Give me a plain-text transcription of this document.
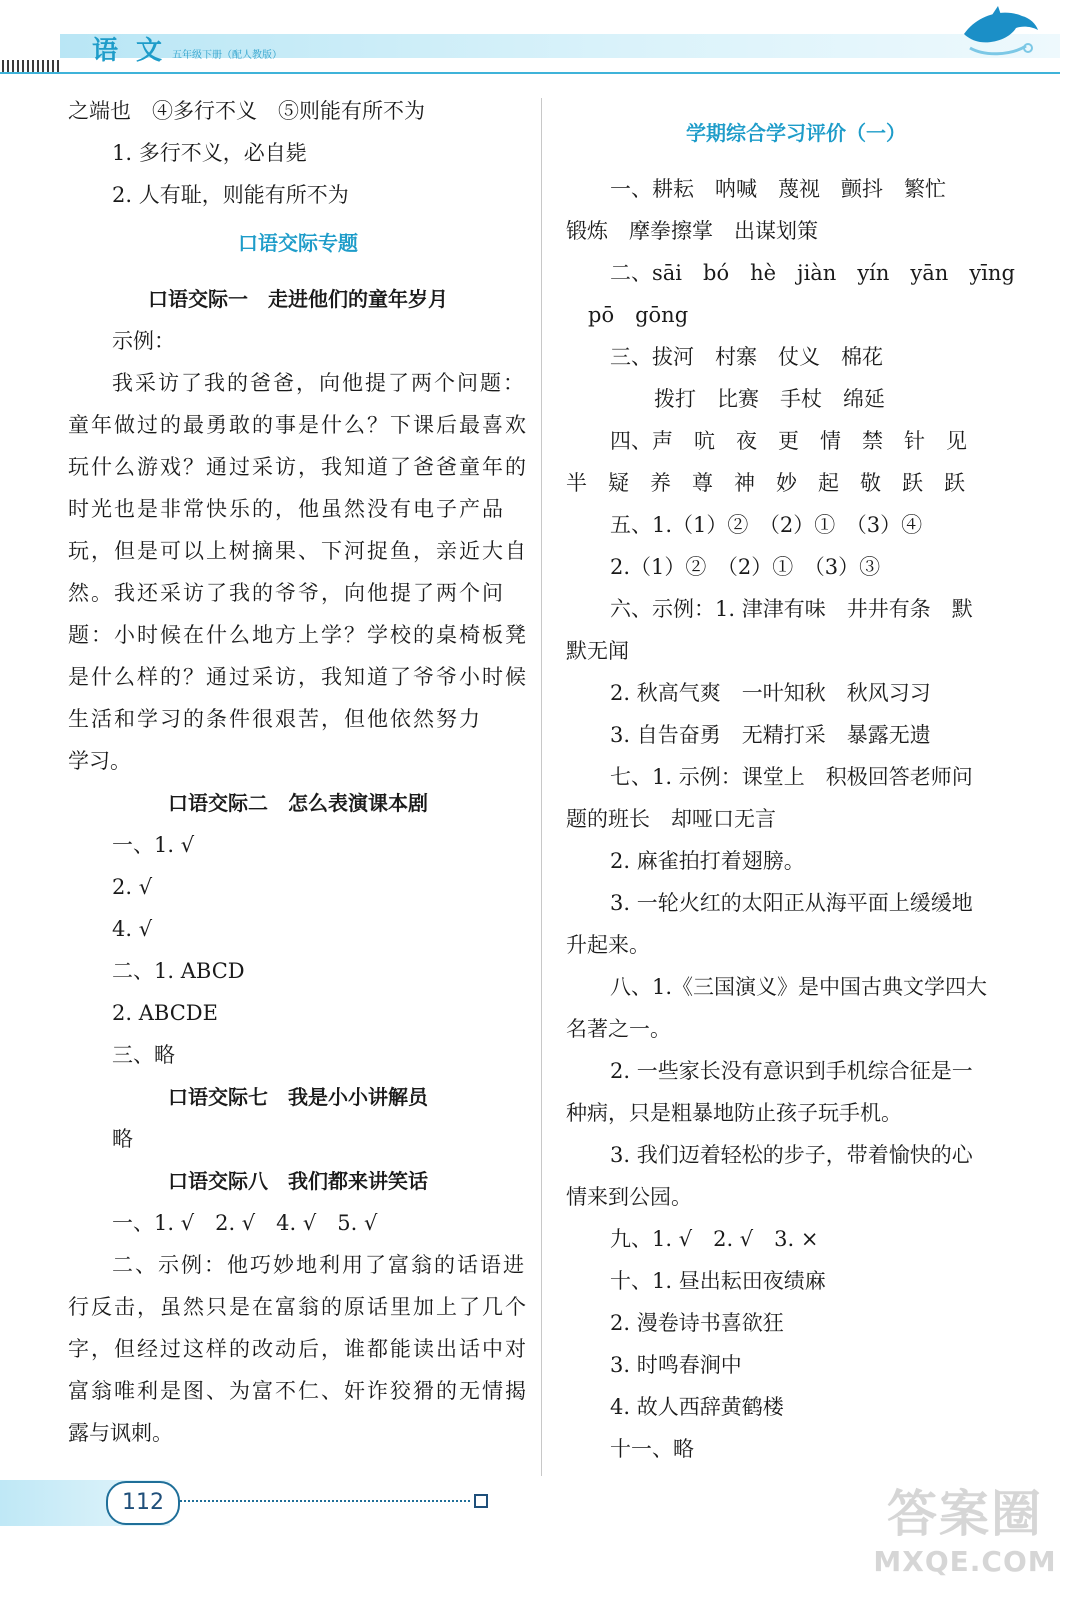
语文
五年级下册（配人教版）
之端也　④多行不义　⑤则能有所不为
1. 多行不义，必自毙
2. 人有耻，则能有所不为
口语交际专题
口语交际一　走进他们的童年岁月
示例：
我采访了我的爸爸，向他提了两个问题：
童年做过的最勇敢的事是什么？下课后最喜欢
玩什么游戏？通过采访，我知道了爸爸童年的
时光也是非常快乐的，他虽然没有电子产品
玩，但是可以上树摘果、下河捉鱼，亲近大自
然。我还采访了我的爷爷，向他提了两个问
题：小时候在什么地方上学？学校的桌椅板凳
是什么样的？通过采访，我知道了爷爷小时候
生活和学习的条件很艰苦，但他依然努力
学习。
口语交际二　怎么表演课本剧
一、1. √
2. √
4. √
二、1. ABCD
2. ABCDE
三、略
口语交际七　我是小小讲解员
略
口语交际八　我们都来讲笑话
一、1. √　2. √　4. √　5. √
二、示例：他巧妙地利用了富翁的话语进
行反击，虽然只是在富翁的原话里加上了几个
字，但经过这样的改动后，谁都能读出话中对
富翁唯利是图、为富不仁、奸诈狡猾的无情揭
露与讽刺。
学期综合学习评价（一）
一、耕耘　呐喊　蔑视　颤抖　繁忙
锻炼　摩拳擦掌　出谋划策
二、sāi　bó　hè　jiàn　yín　yān　yīng
pō　gōng
三、拔河　村寨　仗义　棉花
拨打　比赛　手杖　绵延
四、声　吭　夜　更　情　禁　针　见
半　疑　养　尊　神　妙　起　敬　跃　跃
五、1.（1）②　（2）①　（3）④
2.（1）②　（2）①　（3）③
六、示例：1. 津津有味　井井有条　默
默无闻
2. 秋高气爽　一叶知秋　秋风习习
3. 自告奋勇　无精打采　暴露无遗
七、1. 示例：课堂上　积极回答老师问
题的班长　却哑口无言
2. 麻雀拍打着翅膀。
3. 一轮火红的太阳正从海平面上缓缓地
升起来。
八、1.《三国演义》是中国古典文学四大
名著之一。
2. 一些家长没有意识到手机综合征是一
种病，只是粗暴地防止孩子玩手机。
3. 我们迈着轻松的步子，带着愉快的心
情来到公园。
九、1. √　2. √　3. ×
十、1. 昼出耘田夜绩麻
2. 漫卷诗书喜欲狂
3. 时鸣春涧中
4. 故人西辞黄鹤楼
十一、略
112	答案圈
MXQE.COM
